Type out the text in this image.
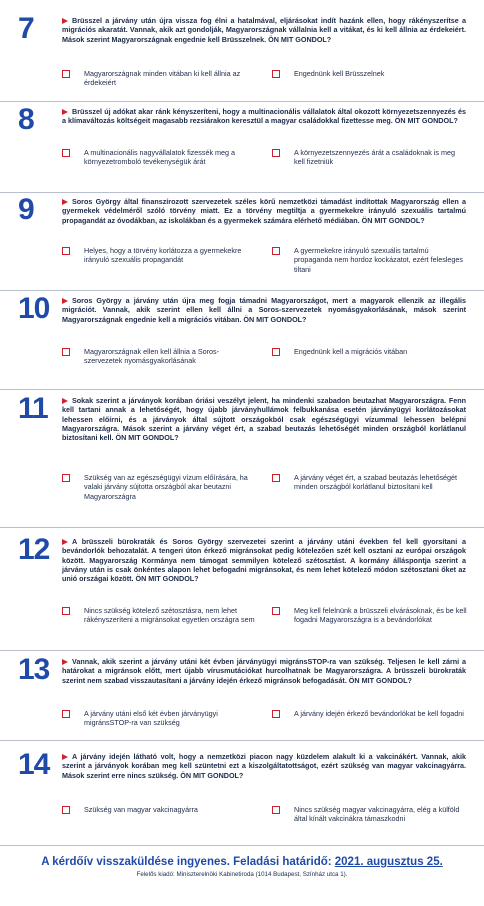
7	Brüsszel a járvány után újra vissza fog élni a hatalmával, eljárásokat indít hazánk ellen, hogy rákényszerítse a migrációs akaratát. Vannak, akik azt gondolják, Magyarországnak vállalnia kell a vitákat, és ki kell állnia az érdekeiért. Mások szerint Magyarországnak engednie kell Brüsszelnek. ÖN MIT GONDOL?
Magyarországnak minden vitában ki kell állnia az érdekeiért
Engednünk kell Brüsszelnek
8	Brüsszel új adókat akar ránk kényszeríteni, hogy a multinacionális vállalatok által okozott környezetszennyezés és a klímaváltozás költségeit magasabb rezsiárakon keresztül a magyar családokkal fizettesse meg. ÖN MIT GONDOL?
A multinacionális nagyvállalatok fizessék meg a környezetromboló tevékenységük árát
A környezetszennyezés árát a családoknak is meg kell fizetniük
9	Soros György által finanszírozott szervezetek széles körű nemzetközi támadást indítottak Magyarország ellen a gyermekek védelméről szóló törvény miatt. Ez a törvény megtiltja a gyermekekre irányuló szexuális tartalmú propagandát az óvodákban, az iskolákban és a gyermekek számára elérhető médiában. ÖN MIT GONDOL?
Helyes, hogy a törvény korlátozza a gyermekekre irányuló szexuális propagandát
A gyermekekre irányuló szexuális tartalmú propaganda nem hordoz kockázatot, ezért felesleges tiltani
10	Soros György a járvány után újra meg fogja támadni Magyarországot, mert a magyarok ellenzik az illegális migrációt. Vannak, akik szerint ellen kell állni a Soros-szervezetek nyomásgyakorlásának, mások szerint Magyarországnak engednie kell a migrációs vitában. ÖN MIT GONDOL?
Magyarországnak ellen kell állnia a Soros-szervezetek nyomásgyakorlásának
Engednünk kell a migrációs vitában
11	Sokak szerint a járványok korában óriási veszélyt jelent, ha mindenki szabadon beutazhat Magyarországra. Fenn kell tartani annak a lehetőségét, hogy újabb járványhullámok felbukkanása esetén járványügyi korlátozásokat lehessen előírni, és a járványok által sújtott országokból csak egészségügyi vízummal lehessen belépni Magyarországra. Mások szerint a járvány véget ért, a szabad beutazás lehetőségét minden országból korlátlanul biztosítani kell. ÖN MIT GONDOL?
Szükség van az egészségügyi vízum előírására, ha valaki járvány sújtotta országból akar beutazni Magyarországra
A járvány véget ért, a szabad beutazás lehetőségét minden országból korlátlanul biztosítani kell
12	A brüsszeli bürokraták és Soros György szervezetei szerint a járvány utáni években fel kell gyorsítani a bevándorlók behozatalát. A tengeri úton érkező migránsokat pedig kötelezően szét kell osztani az európai országok között. Magyarország Kormánya nem támogat semmilyen kötelező szétosztást. A kormány álláspontja szerint a járvány után is csak önkéntes alapon lehet befogadni migránsokat, és nem lehet kötelező módon szétosztani őket az unió országai között. ÖN MIT GONDOL?
Nincs szükség kötelező szétosztásra, nem lehet rákényszeríteni a migránsokat egyetlen országra sem
Meg kell felelnünk a brüsszeli elvárásoknak, és be kell fogadni Magyarországra is a bevándorlókat
13	Vannak, akik szerint a járvány utáni két évben járványügyi migránsSTOP-ra van szükség. Teljesen le kell zárni a határokat a migránsok előtt, mert újabb vírusmutációkat hurcolhatnak be Magyarországra. A brüsszeli bürokraták szerint nem szabad visszautasítani a járvány idején érkező migránsok befogadását. ÖN MIT GONDOL?
A járvány utáni első két évben járványügyi migránsSTOP-ra van szükség
A járvány idején érkező bevándorlókat be kell fogadni
14	A járvány idején látható volt, hogy a nemzetközi piacon nagy küzdelem alakult ki a vakcinákért. Vannak, akik szerint a járványok korában meg kell szüntetni ezt a kiszolgáltatottságot, ezért szükség van magyar vakcinagyárra. Mások szerint erre nincs szükség. ÖN MIT GONDOL?
Szükség van magyar vakcinagyárra	Nincs szükség magyar vakcinagyárra, elég a külföld által kínált vakcinákra támaszkodni
A kérdőív visszaküldése ingyenes. Feladási határidő: 2021. augusztus 25.
Felelős kiadó: Miniszterelnöki Kabinetiroda (1014 Budapest, Színház utca 1).
